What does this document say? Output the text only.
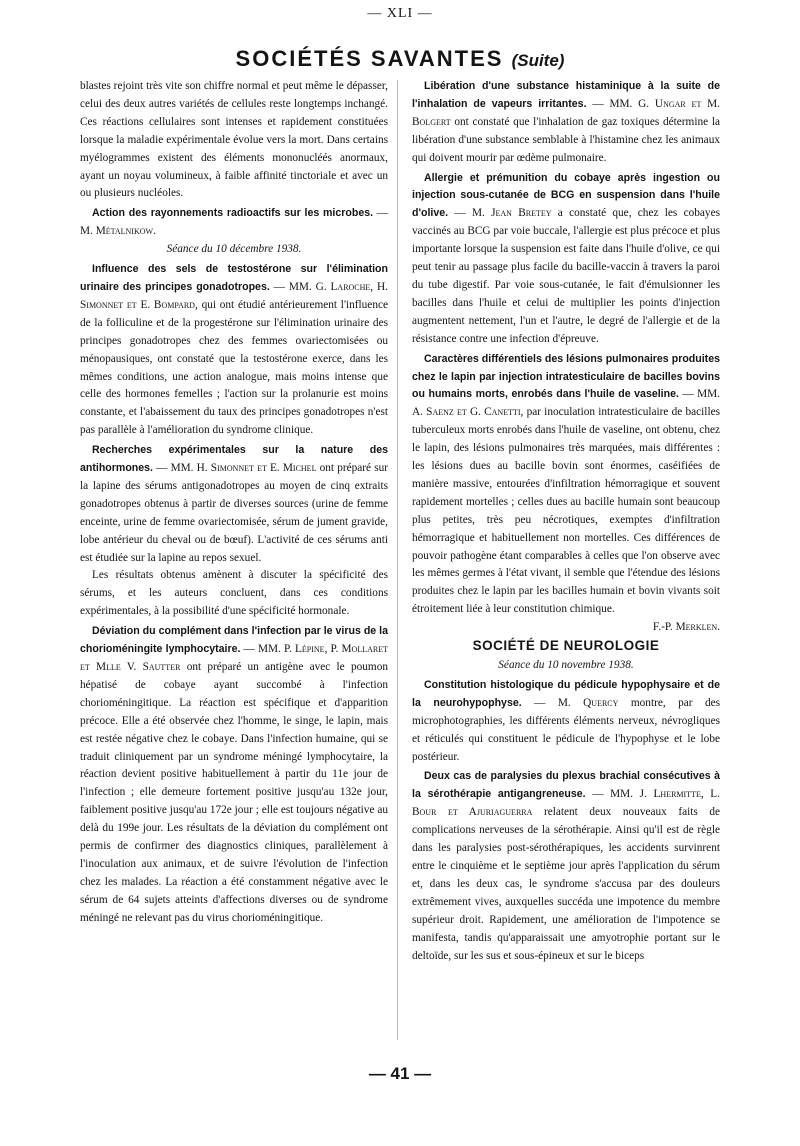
— XLI —
SOCIÉTÉS SAVANTES (Suite)

blastes rejoint très vite son chiffre normal et peut même le dépasser, celui des deux autres variétés de cellules reste longtemps inchangé. Ces réactions cellulaires sont intenses et rapidement constituées lorsque la maladie expérimentale évolue vers la mort. Dans certains myélogrammes existent des éléments mononucléés anormaux, ayant un noyau volumineux, à faible affinité tinctoriale et avec un ou plusieurs nucléoles.

Action des rayonnements radioactifs sur les microbes. — M. Métalnikow.

Séance du 10 décembre 1938.

Influence des sels de testostérone sur l'élimination urinaire des principes gonadotropes. — MM. G. Laroche, H. Simonnet et E. Bompard, qui ont étudié antérieurement l'influence de la folliculine et de la progestérone sur l'élimination urinaire des principes gonadotropes chez des femmes ovariectomisées ou ménopausiques, ont constaté que la testostérone exerce, dans les mêmes conditions, une action analogue, mais moins intense que celle des hormones femelles ; l'action sur la prolanurie est moins constante, et l'abaissement du taux des principes gonadotropes n'est pas parallèle à l'amélioration du syndrome clinique.

Recherches expérimentales sur la nature des antihormones. — MM. H. Simonnet et E. Michel ont préparé sur la lapine des sérums antigonadotropes au moyen de cinq extraits gonadotropes obtenus à partir de diverses sources (urine de femme enceinte, urine de femme ovariectomisée, sérum de jument gravide, lobe antérieur du cheval ou de bœuf). L'activité de ces sérums anti est étudiée sur la lapine au repos sexuel.

Les résultats obtenus amènent à discuter la spécificité des sérums, et les auteurs concluent, dans ces conditions expérimentales, à la possibilité d'une spécificité hormonale.

Déviation du complément dans l'infection par le virus de la chorioméningite lymphocytaire. — MM. P. Lépine, P. Mollaret et Mlle V. Sautter ont préparé un antigène avec le poumon hépatisé de cobaye ayant succombé à l'infection chorioméningitique. La réaction est spécifique et d'apparition précoce. Elle a été observée chez l'homme, le singe, le lapin, mais est restée négative chez le cobaye. Dans l'infection humaine, qui se traduit cliniquement par un syndrome méningé lymphocytaire, la réaction devient positive habituellement à partir du 11e jour de l'infection ; elle demeure fortement positive jusqu'au 132e jour, faiblement positive jusqu'au 172e jour ; elle est toujours négative au delà du 199e jour. Les résultats de la déviation du complément ont permis de confirmer des diagnostics cliniques, parallèlement à l'inoculation aux animaux, et de suivre l'évolution de l'infection chez les malades. La réaction a été constamment négative avec le sérum de 64 sujets atteints d'affections diverses ou de syndrome méningé ne relevant pas du virus chorioméningitique.

Libération d'une substance histaminique à la suite de l'inhalation de vapeurs irritantes. — MM. G. Ungar et M. Bolgert ont constaté que l'inhalation de gaz toxiques détermine la libération d'une substance semblable à l'histamine chez les animaux qui doivent mourir par œdème pulmonaire.

Allergie et prémunition du cobaye après ingestion ou injection sous-cutanée de BCG en suspension dans l'huile d'olive. — M. Jean Bretey a constaté que, chez les cobayes vaccinés au BCG par voie buccale, l'allergie est plus précoce et plus importante lorsque la suspension est faite dans l'huile d'olive, ce qui peut tenir au passage plus facile du bacille-vaccin à travers la paroi du tube digestif. Par voie sous-cutanée, le fait d'émulsionner les bacilles dans l'huile et celui de multiplier les points d'injection augmentent nettement, l'un et l'autre, le degré de l'allergie et de la résistance contre une infection d'épreuve.

Caractères différentiels des lésions pulmonaires produites chez le lapin par injection intratesticulaire de bacilles bovins ou humains morts, enrobés dans l'huile de vaseline. — MM. A. Saenz et G. Canetti, par inoculation intratesticulaire de bacilles tuberculeux morts enrobés dans l'huile de vaseline, ont obtenu, chez le lapin, des lésions pulmonaires très marquées, mais différentes : les lésions dues au bacille bovin sont énormes, caséifiées de manière massive, entourées d'infiltration hémorragique et souvent rapidement mortelles ; celles dues au bacille humain sont beaucoup plus petites, très peu nécrotiques, exemptes d'infiltration hémorragique et habituellement non mortelles. Ces différences de pouvoir pathogène étant comparables à celles que l'on observe avec les mêmes germes à l'état vivant, il semble que l'étendue des lésions produites chez le lapin par les bacilles humain et bovin vivants soit étroitement liée à leur constitution chimique.

F.-P. Merklen.

SOCIÉTÉ DE NEUROLOGIE

Séance du 10 novembre 1938.

Constitution histologique du pédicule hypophysaire et de la neurohypophyse. — M. Quercy montre, par des microphotographies, les différents éléments nerveux, névrogliques et réticulés qui constituent le pédicule de l'hypophyse et le lobe postérieur.

Deux cas de paralysies du plexus brachial consécutives à la sérothérapie antigangreneuse. — MM. J. Lhermitte, L. Bour et Ajuriaguerra relatent deux nouveaux faits de complications nerveuses de la sérothérapie. Ainsi qu'il est de règle dans les paralysies post-sérothérapiques, les accidents survinrent entre le cinquième et le septième jour après l'application du sérum et, dans les deux cas, le syndrome s'accusa par des douleurs extrêmement vives, auxquelles succéda une impotence du membre supérieur droit. Rapidement, une amélioration de l'impotence se manifesta, tandis qu'apparaissait une amyotrophie portant sur le deltoïde, sur les sus et sous-épineux et sur le biceps

— 41 —
